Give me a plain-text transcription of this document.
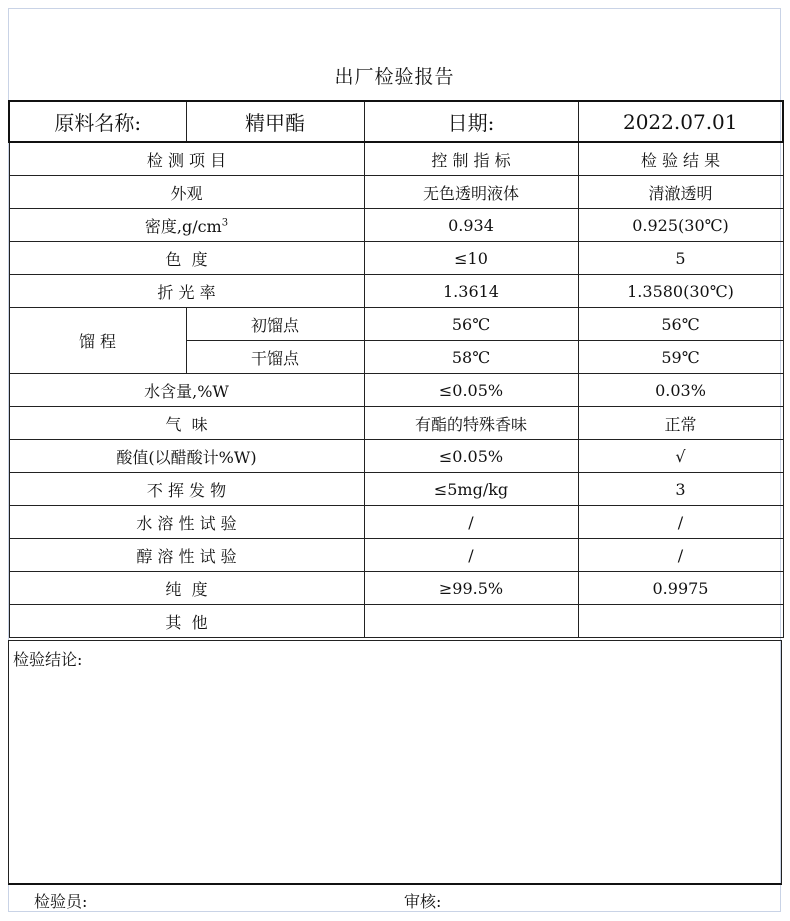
出厂检验报告
原料名称:	精甲酯	日期:	2022.07.01
检 测 项 目		控 制 指 标	检 验 结 果
外观		无色透明液体	清澈透明
密度$,g/cm^3$		0.934	0.925(30℃)
色  度		≤10	5
折 光 率		1.3614	1.3580(30℃)
馏 程	初馏点	56℃	56℃
	干馏点	58℃	59℃
水含量,%W		≤0.05%	0.03%
气  味		有酯的特殊香味	正常
酸值(以醋酸计%W)		≤0.05%	√
不 挥 发 物		≤5mg/kg	3
水 溶 性 试 验		/	/
醇 溶 性 试 验		/	/
纯  度		≥99.5%	0.9975
其  他			
检验结论:
检验员:	审核:
